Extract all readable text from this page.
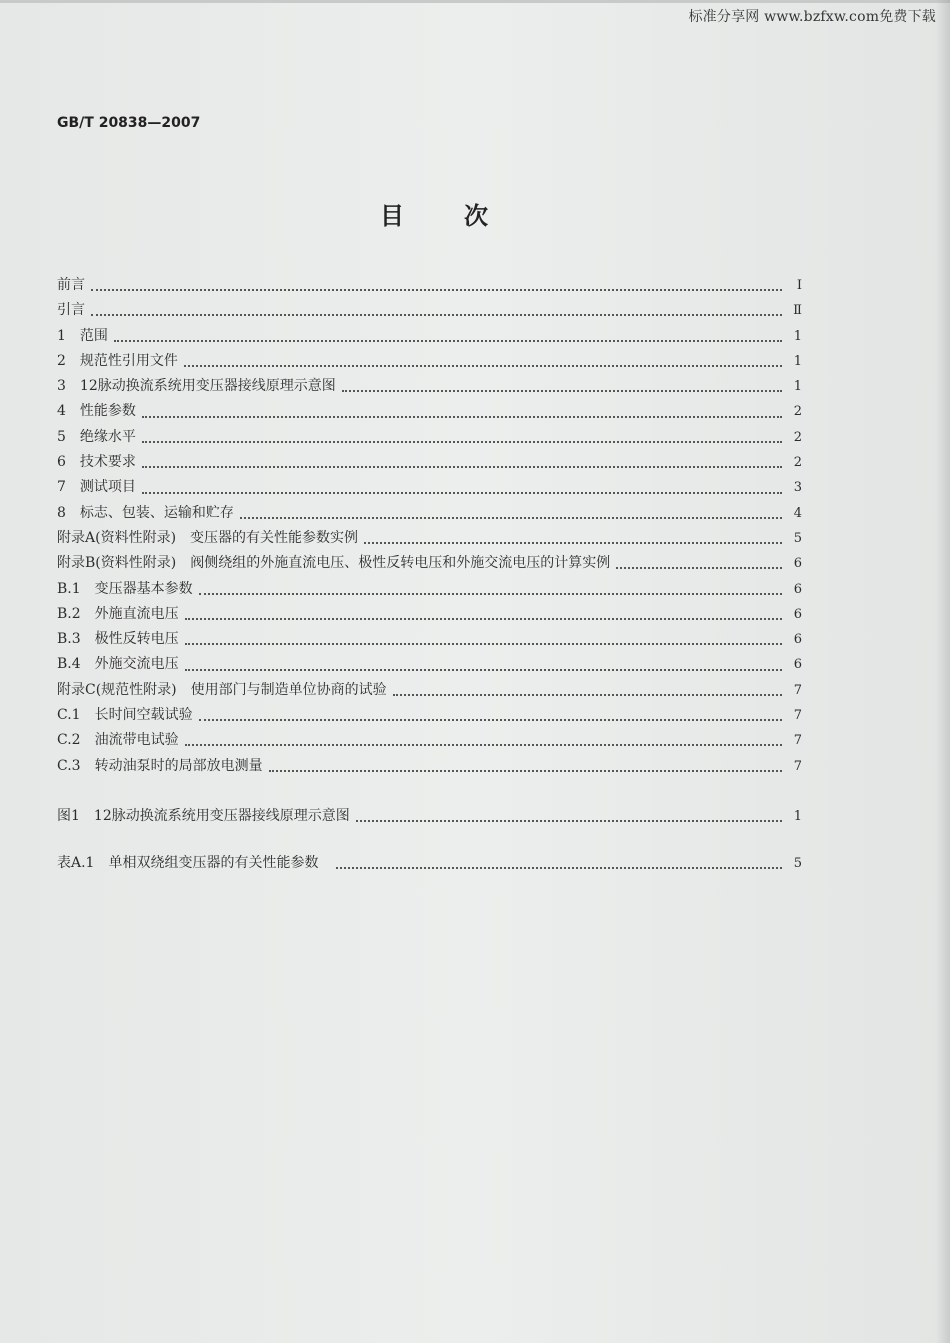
标准分享网 www.bzfxw.com免费下载
GB/T 20838—2007
目次
前言	Ⅰ
引言	Ⅱ
1 范围	1
2 规范性引用文件	1
3 12脉动换流系统用变压器接线原理示意图	1
4 性能参数	2
5 绝缘水平	2
6 技术要求	2
7 测试项目	3
8 标志、包装、运输和贮存	4
附录A(资料性附录) 变压器的有关性能参数实例	5
附录B(资料性附录) 阀侧绕组的外施直流电压、极性反转电压和外施交流电压的计算实例	6
B.1 变压器基本参数	6
B.2 外施直流电压	6
B.3 极性反转电压	6
B.4 外施交流电压	6
附录C(规范性附录) 使用部门与制造单位协商的试验	7
C.1 长时间空载试验	7
C.2 油流带电试验	7
C.3 转动油泵时的局部放电测量	7
图1 12脉动换流系统用变压器接线原理示意图	1
表A.1 单相双绕组变压器的有关性能参数	5
